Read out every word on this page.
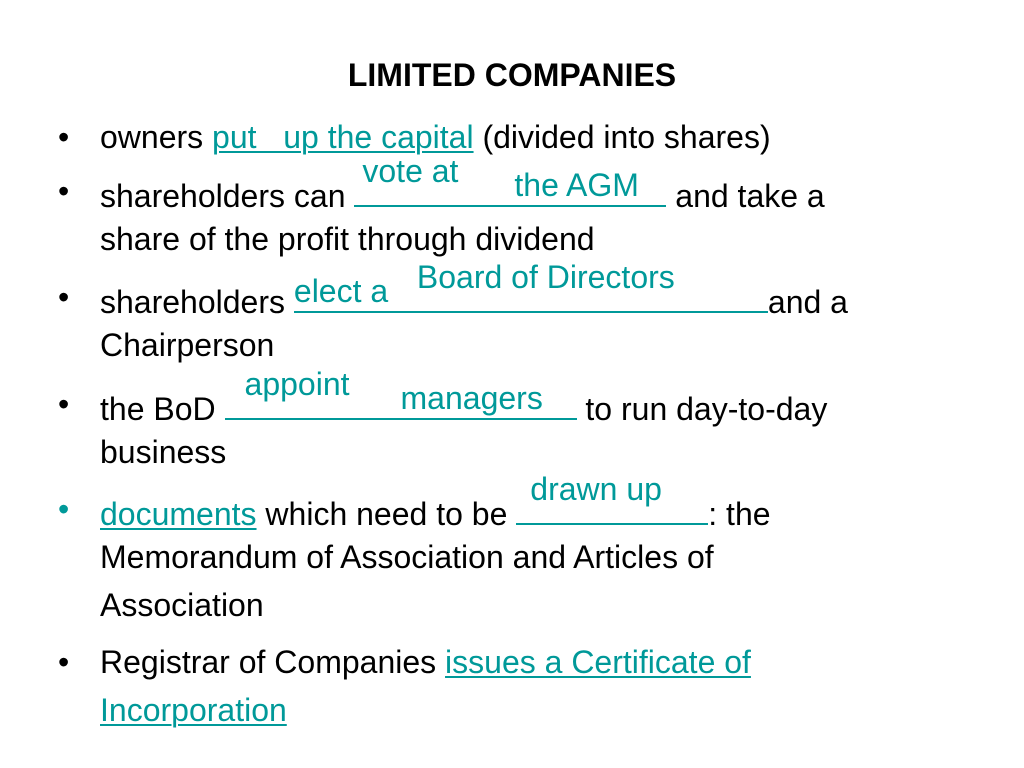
LIMITED COMPANIES
• owners put   up the capital (divided into shares)
• shareholders can
vote at the AGM and take a
share of the profit through dividend
• shareholders elect a Board of Directors
and a
Chairperson
• the BoD
appoint managers to run day-to-day
business
• documents which need to be
drawn up
: the
Memorandum of Association and Articles of
Association
• Registrar of Companies issues a Certificate of
Incorporation
